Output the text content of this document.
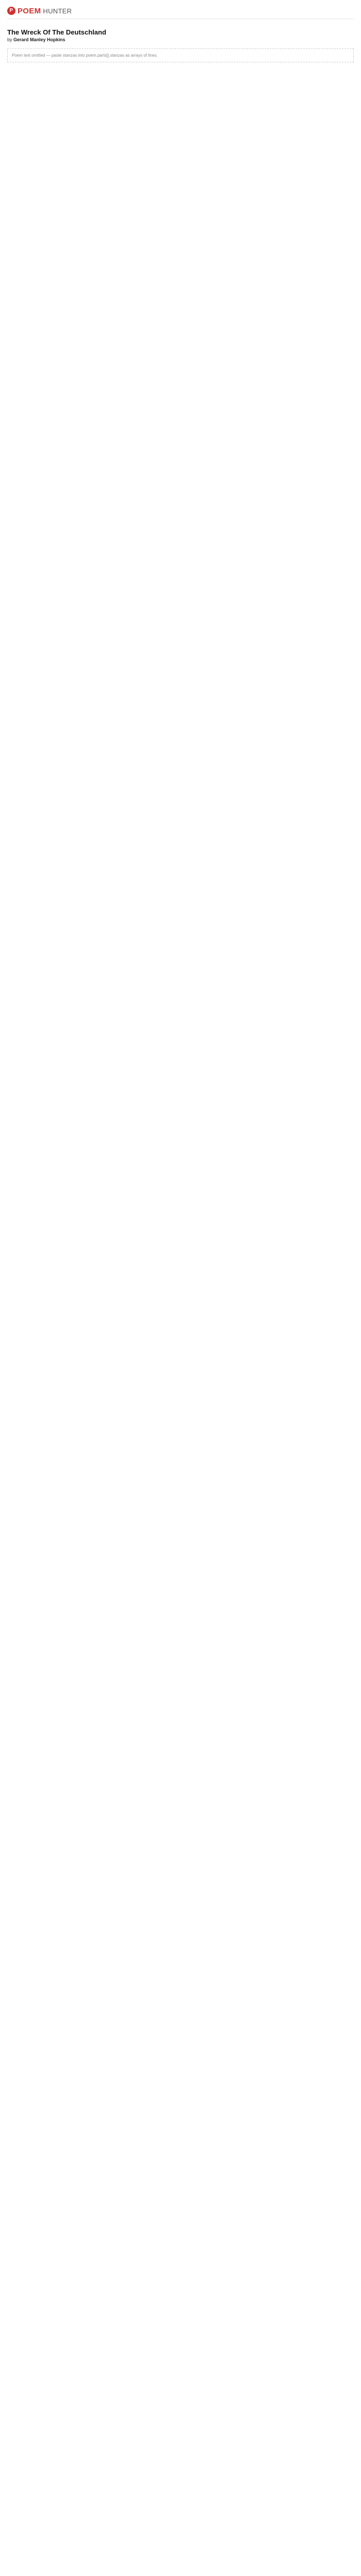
P POEM HUNTER
The Wreck Of The Deutschland

by Gerard Manley Hopkins

Poem text omitted — paste stanzas into poem.parts[].stanzas as arrays of lines.
